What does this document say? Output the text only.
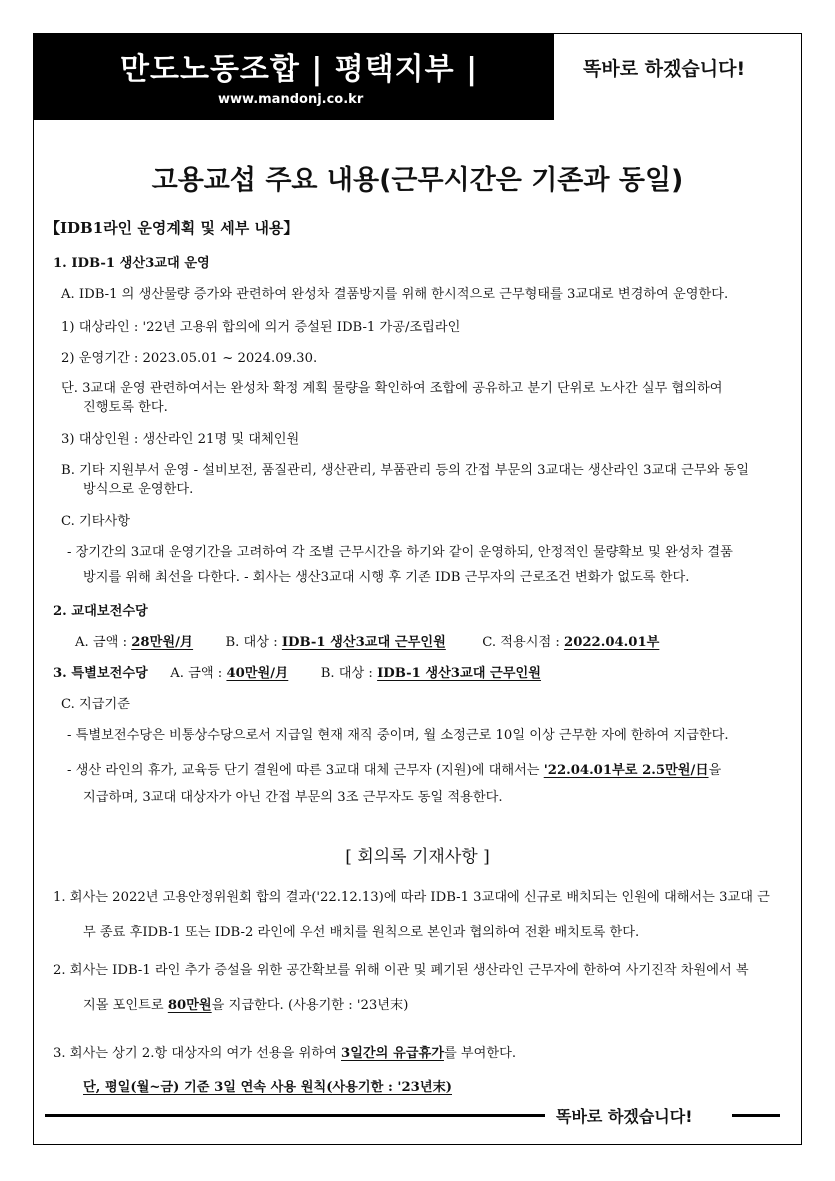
만도노동조합 | 평택지부 |
www.mandonj.co.kr
똑바로 하겠습니다!
고용교섭 주요 내용(근무시간은 기존과 동일)
【IDB1라인 운영계획 및 세부 내용】
1. IDB-1 생산3교대 운영
A. IDB-1 의 생산물량 증가와 관련하여 완성차 결품방지를 위해 한시적으로 근무형태를 3교대로 변경하여 운영한다.
1) 대상라인 : '22년 고용위 합의에 의거 증설된 IDB-1 가공/조립라인
2) 운영기간 : 2023.05.01 ~ 2024.09.30.
단. 3교대 운영 관련하여서는 완성차 확정 계획 물량을 확인하여 조합에 공유하고 분기 단위로 노사간 실무 협의하여
진행토록 한다.
3) 대상인원 : 생산라인 21명 및 대체인원
B. 기타 지원부서 운영 - 설비보전, 품질관리, 생산관리, 부품관리 등의 간접 부문의 3교대는 생산라인 3교대 근무와 동일
방식으로 운영한다.
C. 기타사항
- 장기간의 3교대 운영기간을 고려하여 각 조별 근무시간을 하기와 같이 운영하되, 안정적인 물량확보 및 완성차 결품
방지를 위해 최선을 다한다. - 회사는 생산3교대 시행 후 기존 IDB 근무자의 근로조건 변화가 없도록 한다.
2. 교대보전수당
A. 금액 : 28만원/月 B. 대상 : IDB-1 생산3교대 근무인원	C. 적용시점 : 2022.04.01부
3. 특별보전수당 A. 금액 : 40만원/月 B. 대상 : IDB-1 생산3교대 근무인원
C. 지급기준
- 특별보전수당은 비통상수당으로서 지급일 현재 재직 중이며, 월 소정근로 10일 이상 근무한 자에 한하여 지급한다.
- 생산 라인의 휴가, 교육등 단기 결원에 따른 3교대 대체 근무자 (지원)에 대해서는 '22.04.01부로 2.5만원/日을
지급하며, 3교대 대상자가 아닌 간접 부문의 3조 근무자도 동일 적용한다.
[ 회의록 기재사항 ]
1. 회사는 2022년 고용안정위원회 합의 결과('22.12.13)에 따라 IDB-1 3교대에 신규로 배치되는 인원에 대해서는 3교대 근
무 종료 후IDB-1 또는 IDB-2 라인에 우선 배치를 원칙으로 본인과 협의하여 전환 배치토록 한다.
2. 회사는 IDB-1 라인 추가 증설을 위한 공간확보를 위해 이관 및 폐기된 생산라인 근무자에 한하여 사기진작 차원에서 복
지몰 포인트로 80만원을 지급한다. (사용기한 : '23년末)
3. 회사는 상기 2.항 대상자의 여가 선용을 위하여 3일간의 유급휴가를 부여한다.
단, 평일(월~금) 기준 3일 연속 사용 원칙(사용기한 : '23년末)
똑바로 하겠습니다!
